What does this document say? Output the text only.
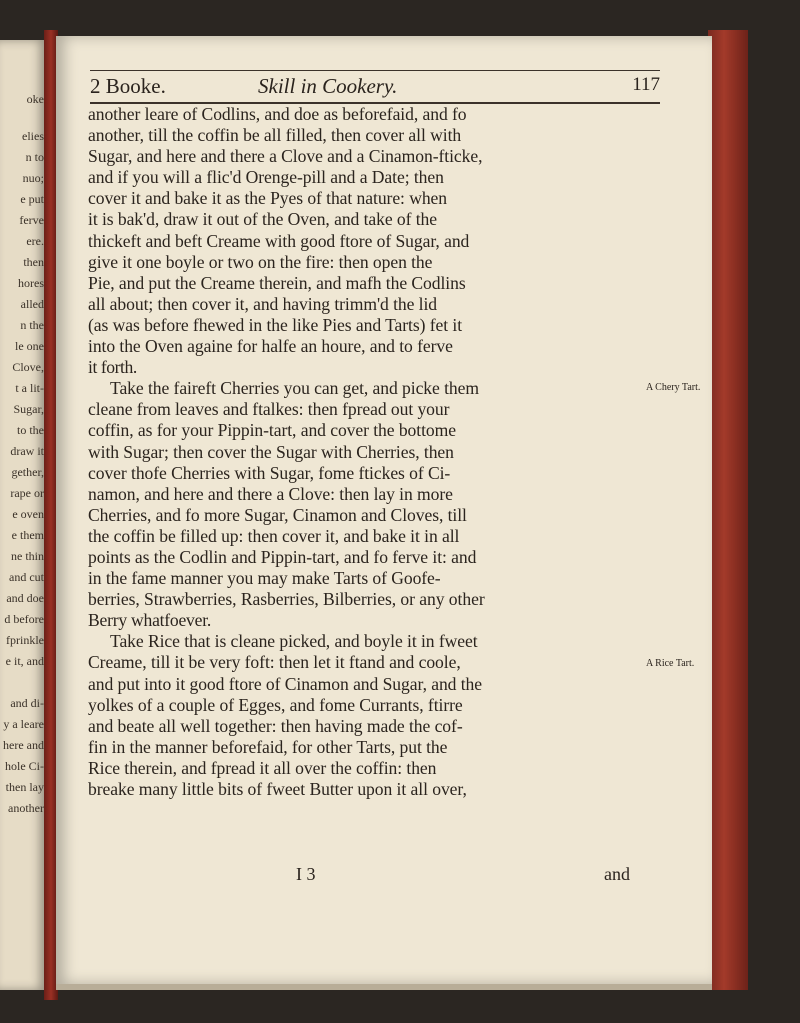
oke
elies
n to
nuo;
e put
ferve
ere.
then
hores
alled
n the
le one
Clove,
t a lit-
Sugar,
to the
draw it
gether,
rape or
e oven
e them
ne thin
and cut
and doe
d before
fprinkle
e it, and
and di-
y a leare
here and
hole Ci-
then lay
another
2 Booke.	Skill in Cookery.	117
another leare of Codlins, and doe as beforefaid, and fo
another, till the coffin be all filled, then cover all with
Sugar, and here and there a Clove and a Cinamon-fticke,
and if you will a flic'd Orenge-pill and a Date; then
cover it and bake it as the Pyes of that nature: when
it is bak'd, draw it out of the Oven, and take of the
thickeft and beft Creame with good ftore of Sugar, and
give it one boyle or two on the fire: then open the
Pie, and put the Creame therein, and mafh the Codlins
all about; then cover it, and having trimm'd the lid
(as was before fhewed in the like Pies and Tarts) fet it
into the Oven againe for halfe an houre, and to ferve
it forth.
Take the faireft Cherries you can get, and picke them
cleane from leaves and ftalkes: then fpread out your
coffin, as for your Pippin-tart, and cover the bottome
with Sugar; then cover the Sugar with Cherries, then
cover thofe Cherries with Sugar, fome ftickes of Ci-
namon, and here and there a Clove: then lay in more
Cherries, and fo more Sugar, Cinamon and Cloves, till
the coffin be filled up: then cover it, and bake it in all
points as the Codlin and Pippin-tart, and fo ferve it: and
in the fame manner you may make Tarts of Goofe-
berries, Strawberries, Rasberries, Bilberries, or any other
Berry whatfoever.
Take Rice that is cleane picked, and boyle it in fweet
Creame, till it be very foft: then let it ftand and coole,
and put into it good ftore of Cinamon and Sugar, and the
yolkes of a couple of Egges, and fome Currants, ftirre
and beate all well together: then having made the cof-
fin in the manner beforefaid, for other Tarts, put the
Rice therein, and fpread it all over the coffin: then
breake many little bits of fweet Butter upon it all over,
A Chery Tart.
A Rice Tart.
I 3	and
